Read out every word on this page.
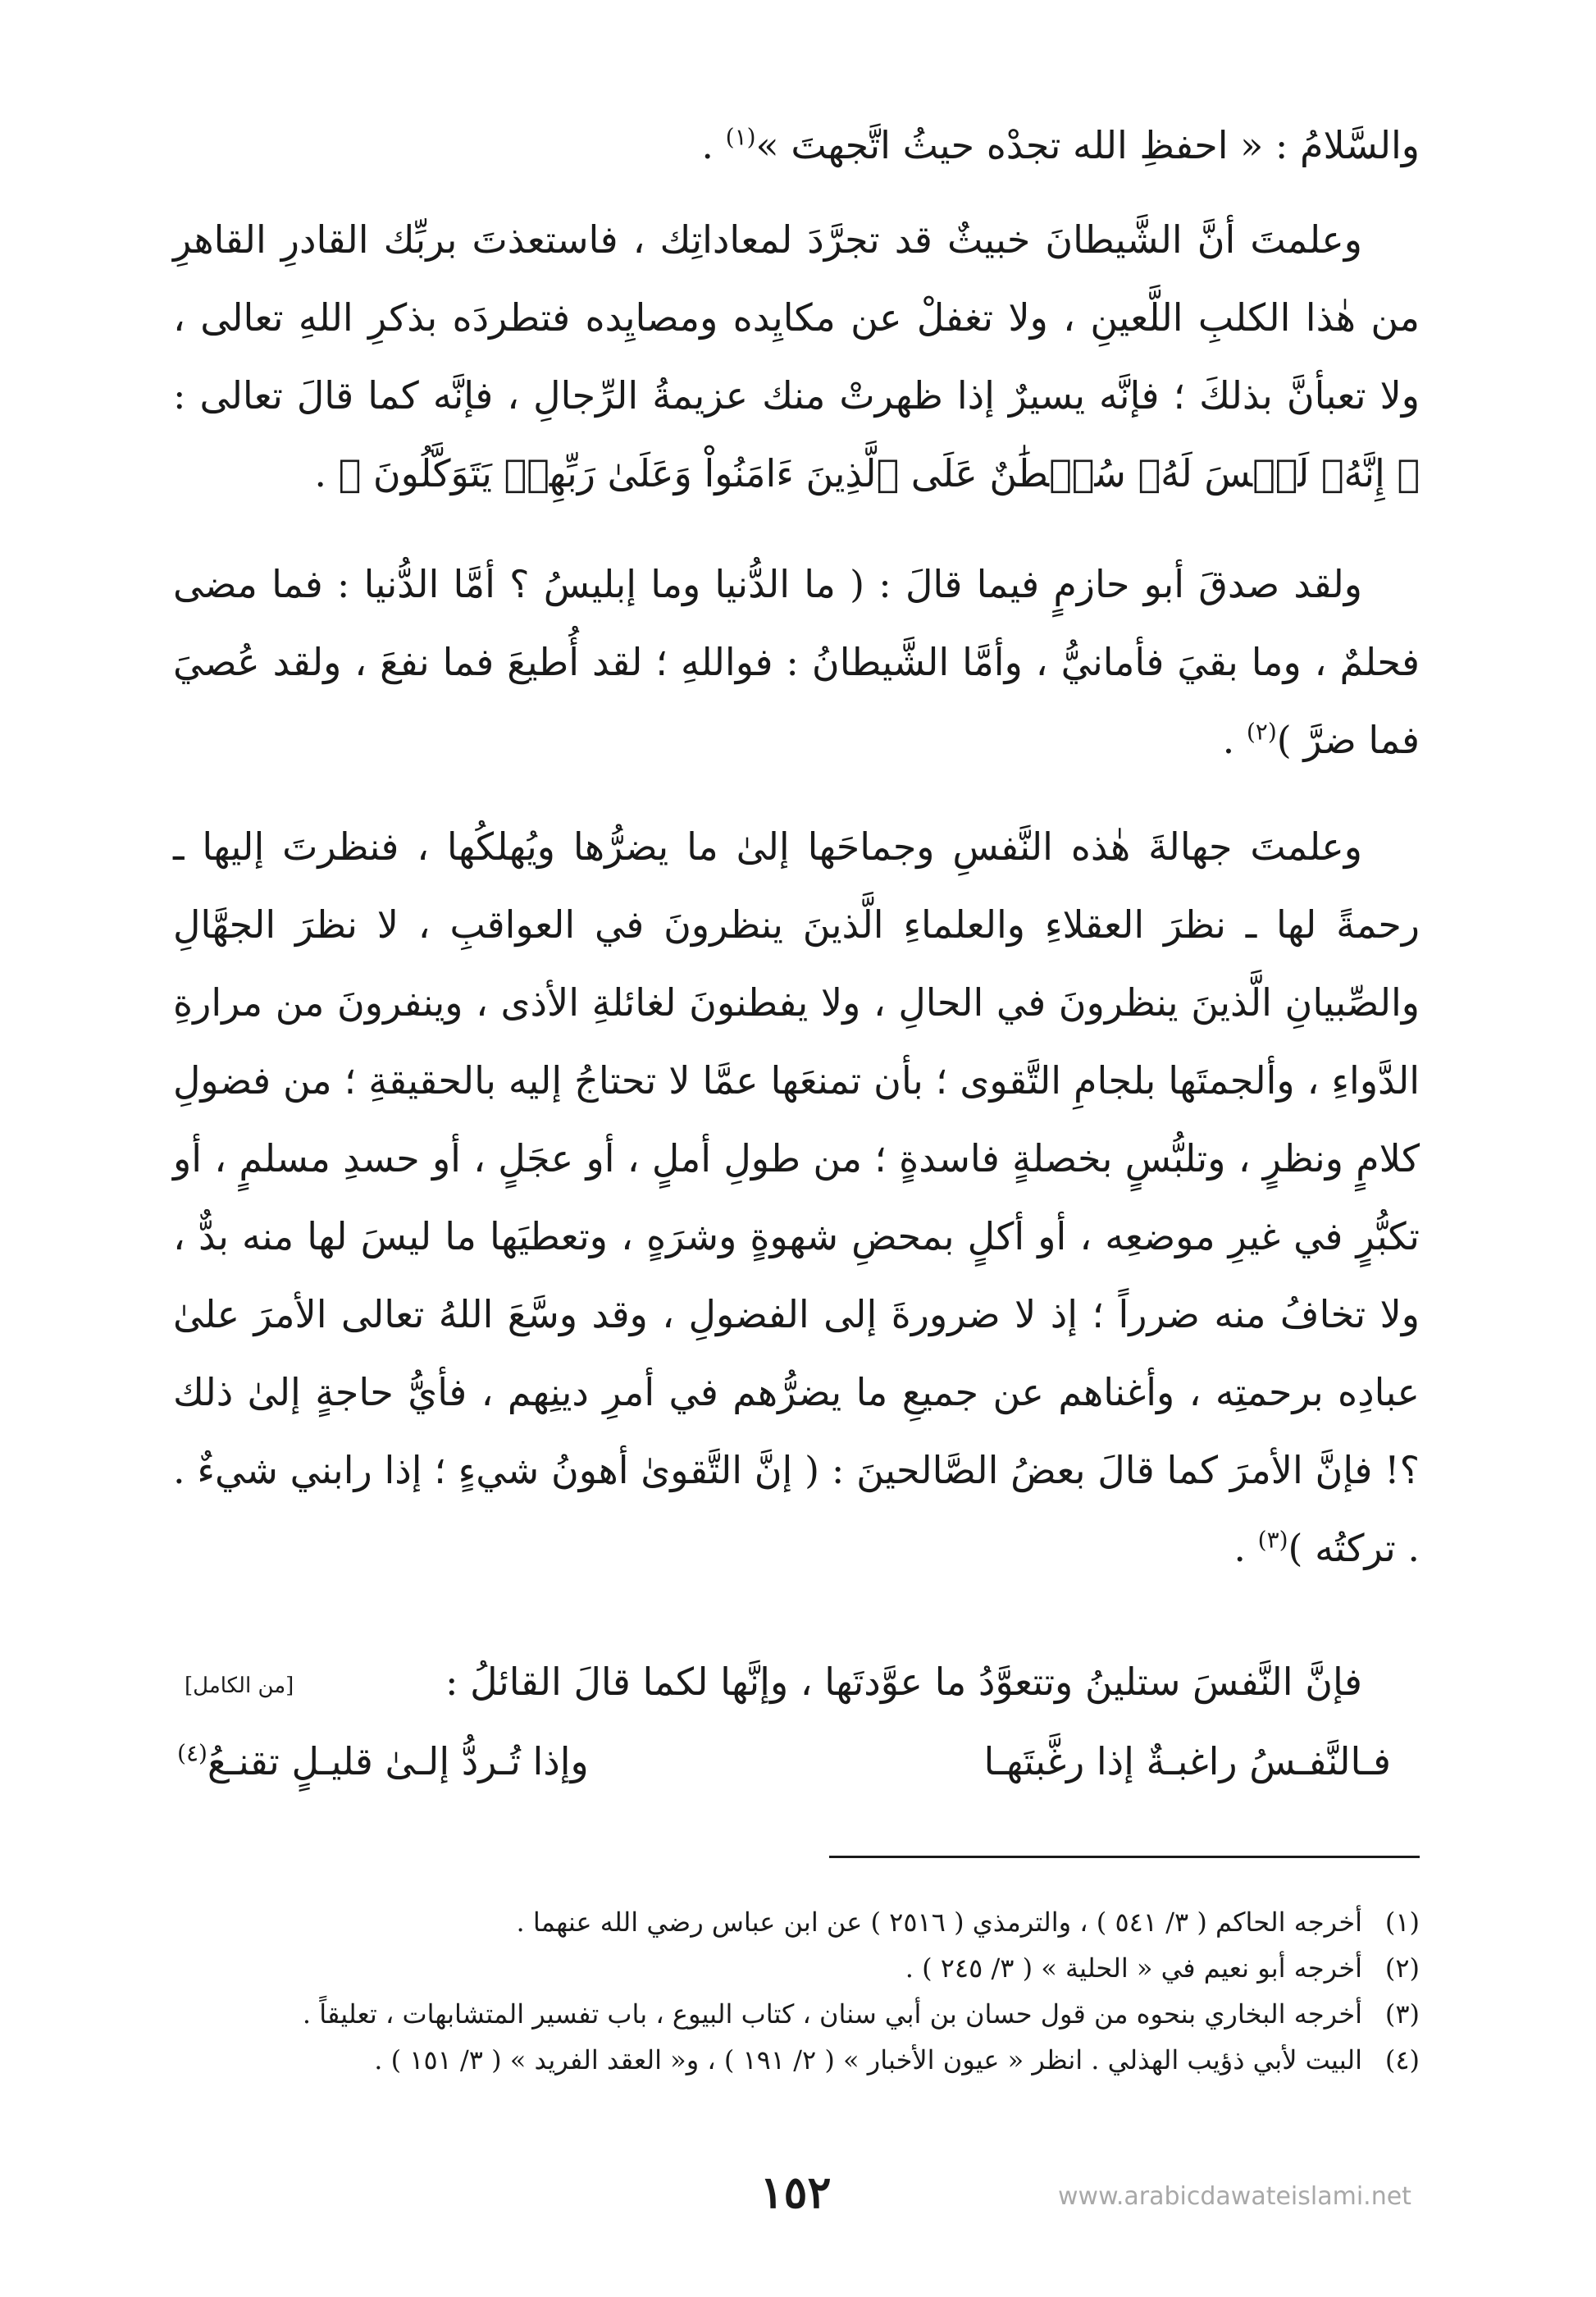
والسَّلامُ : « احفظِ الله تجدْه حيثُ اتَّجهتَ »$^{(١)}$ .

وعلمتَ أنَّ الشَّيطانَ خبيثٌ قد تجرَّدَ لمعاداتِك ، فاستعذتَ بربِّك القادرِ القاهرِ من هٰذا الكلبِ اللَّعينِ ، ولا تغفلْ عن مكايِده ومصايِده فتطردَه بذكرِ اللهِ تعالى ، ولا تعبأنَّ بذلكَ ؛ فإنَّه يسيرٌ إذا ظهرتْ منك عزيمةُ الرِّجالِ ، فإنَّه كما قالَ تعالى : ﴿ إِنَّهُۥ لَيۡسَ لَهُۥ سُلۡطَٰنٌ عَلَى ٱلَّذِينَ ءَامَنُواْ وَعَلَىٰ رَبِّهِمۡ يَتَوَكَّلُونَ ﴾ .

ولقد صدقَ أبو حازمٍ فيما قالَ : ( ما الدُّنيا وما إبليسُ ؟ أمَّا الدُّنيا : فما مضى فحلمٌ ، وما بقيَ فأمانيُّ ، وأمَّا الشَّيطانُ : فواللهِ ؛ لقد أُطيعَ فما نفعَ ، ولقد عُصيَ فما ضرَّ )$^{(٢)}$ .

وعلمتَ جهالةَ هٰذه النَّفسِ وجماحَها إلىٰ ما يضرُّها ويُهلكُها ، فنظرتَ إليها ـ رحمةً لها ـ نظرَ العقلاءِ والعلماءِ الَّذينَ ينظرونَ في العواقبِ ، لا نظرَ الجهَّالِ والصِّبيانِ الَّذينَ ينظرونَ في الحالِ ، ولا يفطنونَ لغائلةِ الأذى ، وينفرونَ من مرارةِ الدَّواءِ ، وألجمتَها بلجامِ التَّقوى ؛ بأن تمنعَها عمَّا لا تحتاجُ إليه بالحقيقةِ ؛ من فضولِ كلامٍ ونظرٍ ، وتلبُّسٍ بخصلةٍ فاسدةٍ ؛ من طولِ أملٍ ، أو عجَلٍ ، أو حسدِ مسلمٍ ، أو تكبُّرٍ في غيرِ موضعِه ، أو أكلٍ بمحضِ شهوةٍ وشرَهٍ ، وتعطيَها ما ليسَ لها منه بدٌّ ، ولا تخافُ منه ضرراً ؛ إذ لا ضرورةَ إلى الفضولِ ، وقد وسَّعَ اللهُ تعالى الأمرَ علىٰ عبادِه برحمتِه ، وأغناهم عن جميعِ ما يضرُّهم في أمرِ دينِهم ، فأيُّ حاجةٍ إلىٰ ذلك ؟! فإنَّ الأمرَ كما قالَ بعضُ الصَّالحينَ : ( إنَّ التَّقوىٰ أهونُ شيءٍ ؛ إذا رابني شيءٌ . . تركتُه )$^{(٣)}$ .

فإنَّ النَّفسَ ستلينُ وتتعوَّدُ ما عوَّدتَها ، وإنَّها لكما قالَ القائلُ :
[من الكامل]
فـالنَّفـسُ راغبـةٌ إذا رغَّبتَهـا
وإذا تُـردُّ إلـىٰ قليـلٍ تقنـعُ$^{(٤)}$
(١)أخرجه الحاكم ( ٣/ ٥٤١ ) ، والترمذي ( ٢٥١٦ ) عن ابن عباس رضي الله عنهما .
(٢)أخرجه أبو نعيم في « الحلية » ( ٣/ ٢٤٥ ) .
(٣)أخرجه البخاري بنحوه من قول حسان بن أبي سنان ، كتاب البيوع ، باب تفسير المتشابهات ، تعليقاً .
(٤)البيت لأبي ذؤيب الهذلي . انظر « عيون الأخبار » ( ٢/ ١٩١ ) ، و« العقد الفريد » ( ٣/ ١٥١ ) .
١٥٢	www.arabicdawateislami.net
